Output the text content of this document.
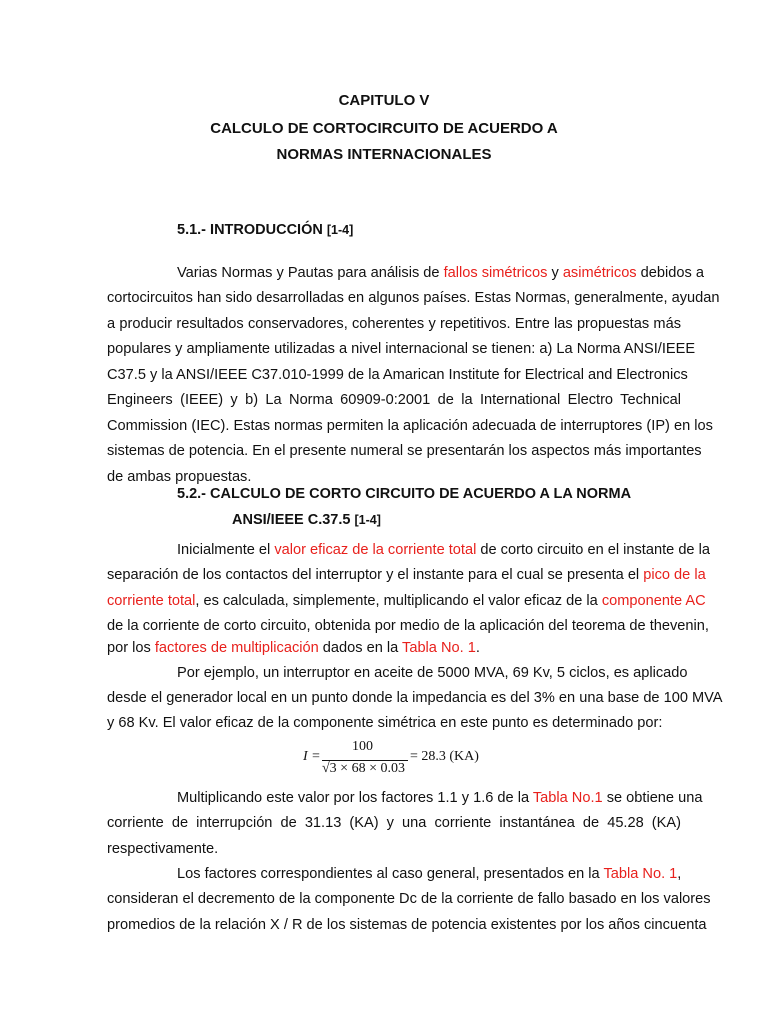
CAPITULO V
CALCULO DE CORTOCIRCUITO DE ACUERDO A
NORMAS INTERNACIONALES
5.1.- INTRODUCCIÓN [1-4]
Varias Normas y Pautas para análisis de fallos simétricos y asimétricos debidos a
cortocircuitos han sido desarrolladas en algunos países. Estas Normas, generalmente, ayudan
a producir resultados conservadores, coherentes y repetitivos. Entre las propuestas más
populares y ampliamente utilizadas a nivel internacional se tienen: a) La Norma ANSI/IEEE
C37.5 y la ANSI/IEEE C37.010-1999 de la Amarican Institute for Electrical and Electronics
Engineers (IEEE) y b) La Norma 60909-0:2001 de la International Electro Technical
Commission (IEC). Estas normas permiten la aplicación adecuada de interruptores (IP) en los
sistemas de potencia. En el presente numeral se presentarán los aspectos más importantes
de ambas propuestas.
5.2.- CALCULO DE CORTO CIRCUITO DE ACUERDO A LA NORMA
ANSI/IEEE C.37.5 [1-4]
Inicialmente el valor eficaz de la corriente total de corto circuito en el instante de la
separación de los contactos del interruptor y el instante para el cual se presenta el pico de la
corriente total, es calculada, simplemente, multiplicando el valor eficaz de la componente AC
de la corriente de corto circuito, obtenida por medio de la aplicación del teorema de thevenin,
por los factores de multiplicación dados en la Tabla No. 1.
Por ejemplo, un interruptor en aceite de 5000 MVA, 69 Kv, 5 ciclos, es aplicado
desde el generador local en un punto donde la impedancia es del 3% en una base de 100 MVA
y 68 Kv. El valor eficaz de la componente simétrica en este punto es determinado por:
I =
100
√3 × 68 × 0.03
= 28.3 (KA)
Multiplicando este valor por los factores 1.1 y 1.6 de la Tabla No.1 se obtiene una
corriente de interrupción de 31.13 (KA) y una corriente instantánea de 45.28 (KA)
respectivamente.
Los factores correspondientes al caso general, presentados en la Tabla No. 1,
consideran el decremento de la componente Dc de la corriente de fallo basado en los valores
promedios de la relación X / R de los sistemas de potencia existentes por los años cincuenta
